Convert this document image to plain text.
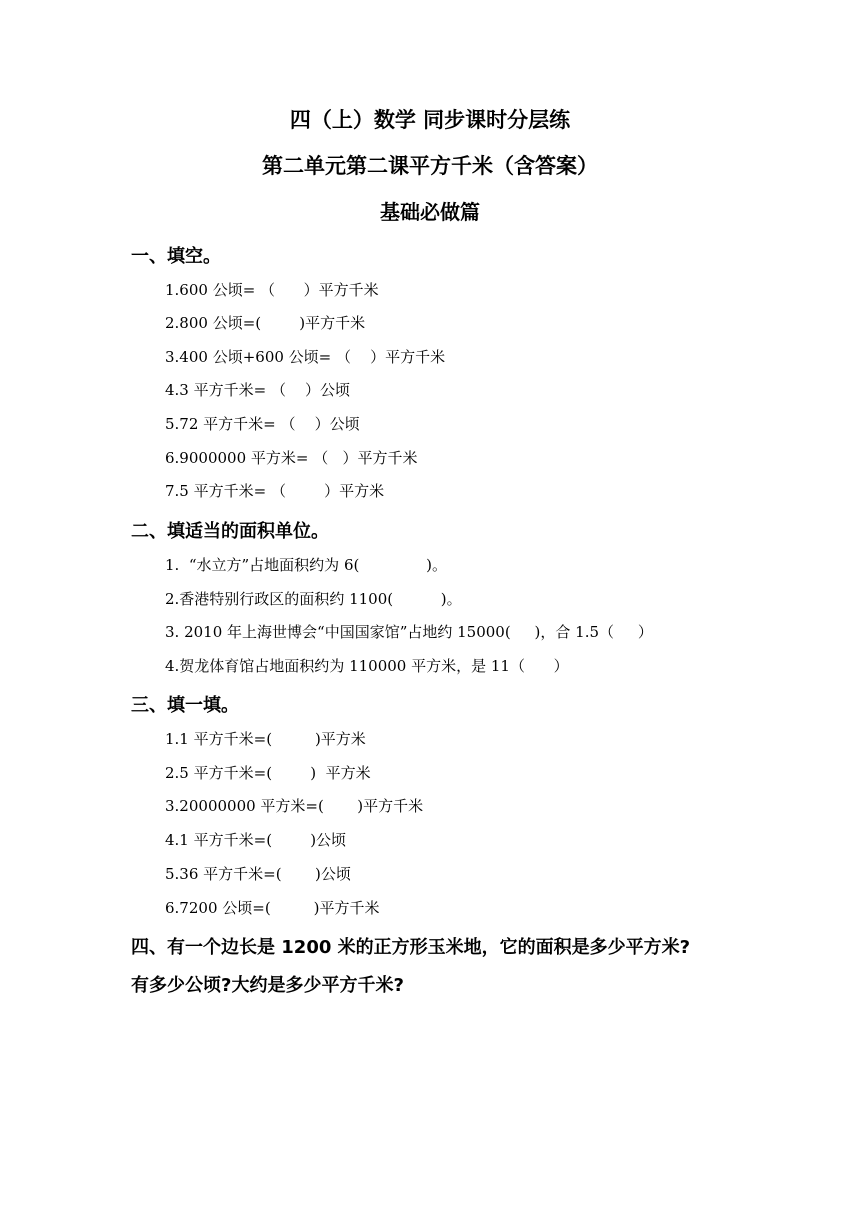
四（上）数学 同步课时分层练
第二单元第二课平方千米（含答案）
基础必做篇
一、填空。
1.600 公顷= （      ）平方千米
2.800 公顷=(        )平方千米
3.400 公顷+600 公顷= （    ）平方千米
4.3 平方千米= （    ）公顷
5.72 平方千米= （    ）公顷
6.9000000 平方米= （   ）平方千米
7.5 平方千米= （        ）平方米
二、填适当的面积单位。
1.  “水立方”占地面积约为 6(              )。
2.香港特别行政区的面积约 1100(          )。
3. 2010 年上海世博会“中国国家馆”占地约 15000(     )，合 1.5（     ）
4.贺龙体育馆占地面积约为 110000 平方米，是 11（      ）
三、填一填。
1.1 平方千米=(         )平方米
2.5 平方千米=(        )  平方米
3.20000000 平方米=(       )平方千米
4.1 平方千米=(        )公顷
5.36 平方千米=(       )公顷
6.7200 公顷=(         )平方千米
四、有一个边长是 1200 米的正方形玉米地，它的面积是多少平方米?
有多少公顷?大约是多少平方千米?
